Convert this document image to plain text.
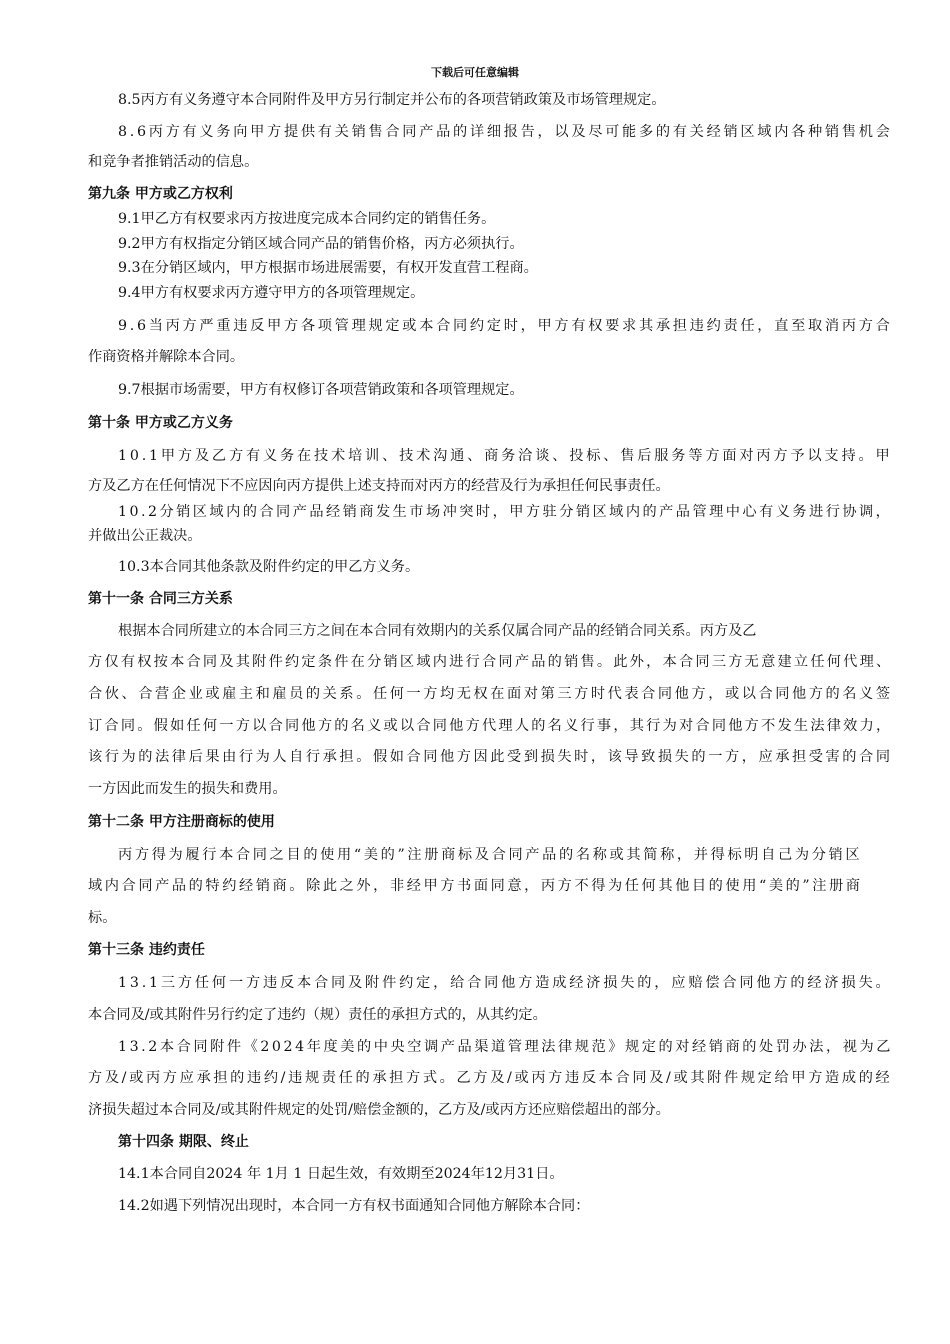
下载后可任意编辑
8.5丙方有义务遵守本合同附件及甲方另行制定并公布的各项营销政策及市场管理规定。
8.6丙方有义务向甲方提供有关销售合同产品的详细报告，以及尽可能多的有关经销区域内各种销售机会
和竞争者推销活动的信息。
第九条 甲方或乙方权利
9.1甲乙方有权要求丙方按进度完成本合同约定的销售任务。
9.2甲方有权指定分销区域合同产品的销售价格，丙方必须执行。
9.3在分销区域内，甲方根据市场进展需要，有权开发直营工程商。
9.4甲方有权要求丙方遵守甲方的各项管理规定。
9.6当丙方严重违反甲方各项管理规定或本合同约定时，甲方有权要求其承担违约责任，直至取消丙方合
作商资格并解除本合同。
9.7根据市场需要，甲方有权修订各项营销政策和各项管理规定。
第十条 甲方或乙方义务
10.1甲方及乙方有义务在技术培训、技术沟通、商务洽谈、投标、售后服务等方面对丙方予以支持。甲
方及乙方在任何情况下不应因向丙方提供上述支持而对丙方的经营及行为承担任何民事责任。
10.2分销区域内的合同产品经销商发生市场冲突时，甲方驻分销区域内的产品管理中心有义务进行协调，
并做出公正裁决。
10.3本合同其他条款及附件约定的甲乙方义务。
第十一条 合同三方关系
根据本合同所建立的本合同三方之间在本合同有效期内的关系仅属合同产品的经销合同关系。丙方及乙
方仅有权按本合同及其附件约定条件在分销区域内进行合同产品的销售。此外，本合同三方无意建立任何代理、
合伙、合营企业或雇主和雇员的关系。任何一方均无权在面对第三方时代表合同他方，或以合同他方的名义签
订合同。假如任何一方以合同他方的名义或以合同他方代理人的名义行事，其行为对合同他方不发生法律效力，
该行为的法律后果由行为人自行承担。假如合同他方因此受到损失时，该导致损失的一方，应承担受害的合同
一方因此而发生的损失和费用。
第十二条 甲方注册商标的使用
丙方得为履行本合同之目的使用“美的”注册商标及合同产品的名称或其简称，并得标明自己为分销区
域内合同产品的特约经销商。除此之外，非经甲方书面同意，丙方不得为任何其他目的使用“美的”注册商
标。
第十三条 违约责任
13.1三方任何一方违反本合同及附件约定，给合同他方造成经济损失的，应赔偿合同他方的经济损失。
本合同及/或其附件另行约定了违约（规）责任的承担方式的，从其约定。
13.2本合同附件《2024年度美的中央空调产品渠道管理法律规范》规定的对经销商的处罚办法，视为乙
方及/或丙方应承担的违约/违规责任的承担方式。乙方及/或丙方违反本合同及/或其附件规定给甲方造成的经
济损失超过本合同及/或其附件规定的处罚/赔偿金额的，乙方及/或丙方还应赔偿超出的部分。
第十四条 期限、终止
14.1本合同自2024 年 1月 1 日起生效，有效期至2024年12月31日。
14.2如遇下列情况出现时，本合同一方有权书面通知合同他方解除本合同：
